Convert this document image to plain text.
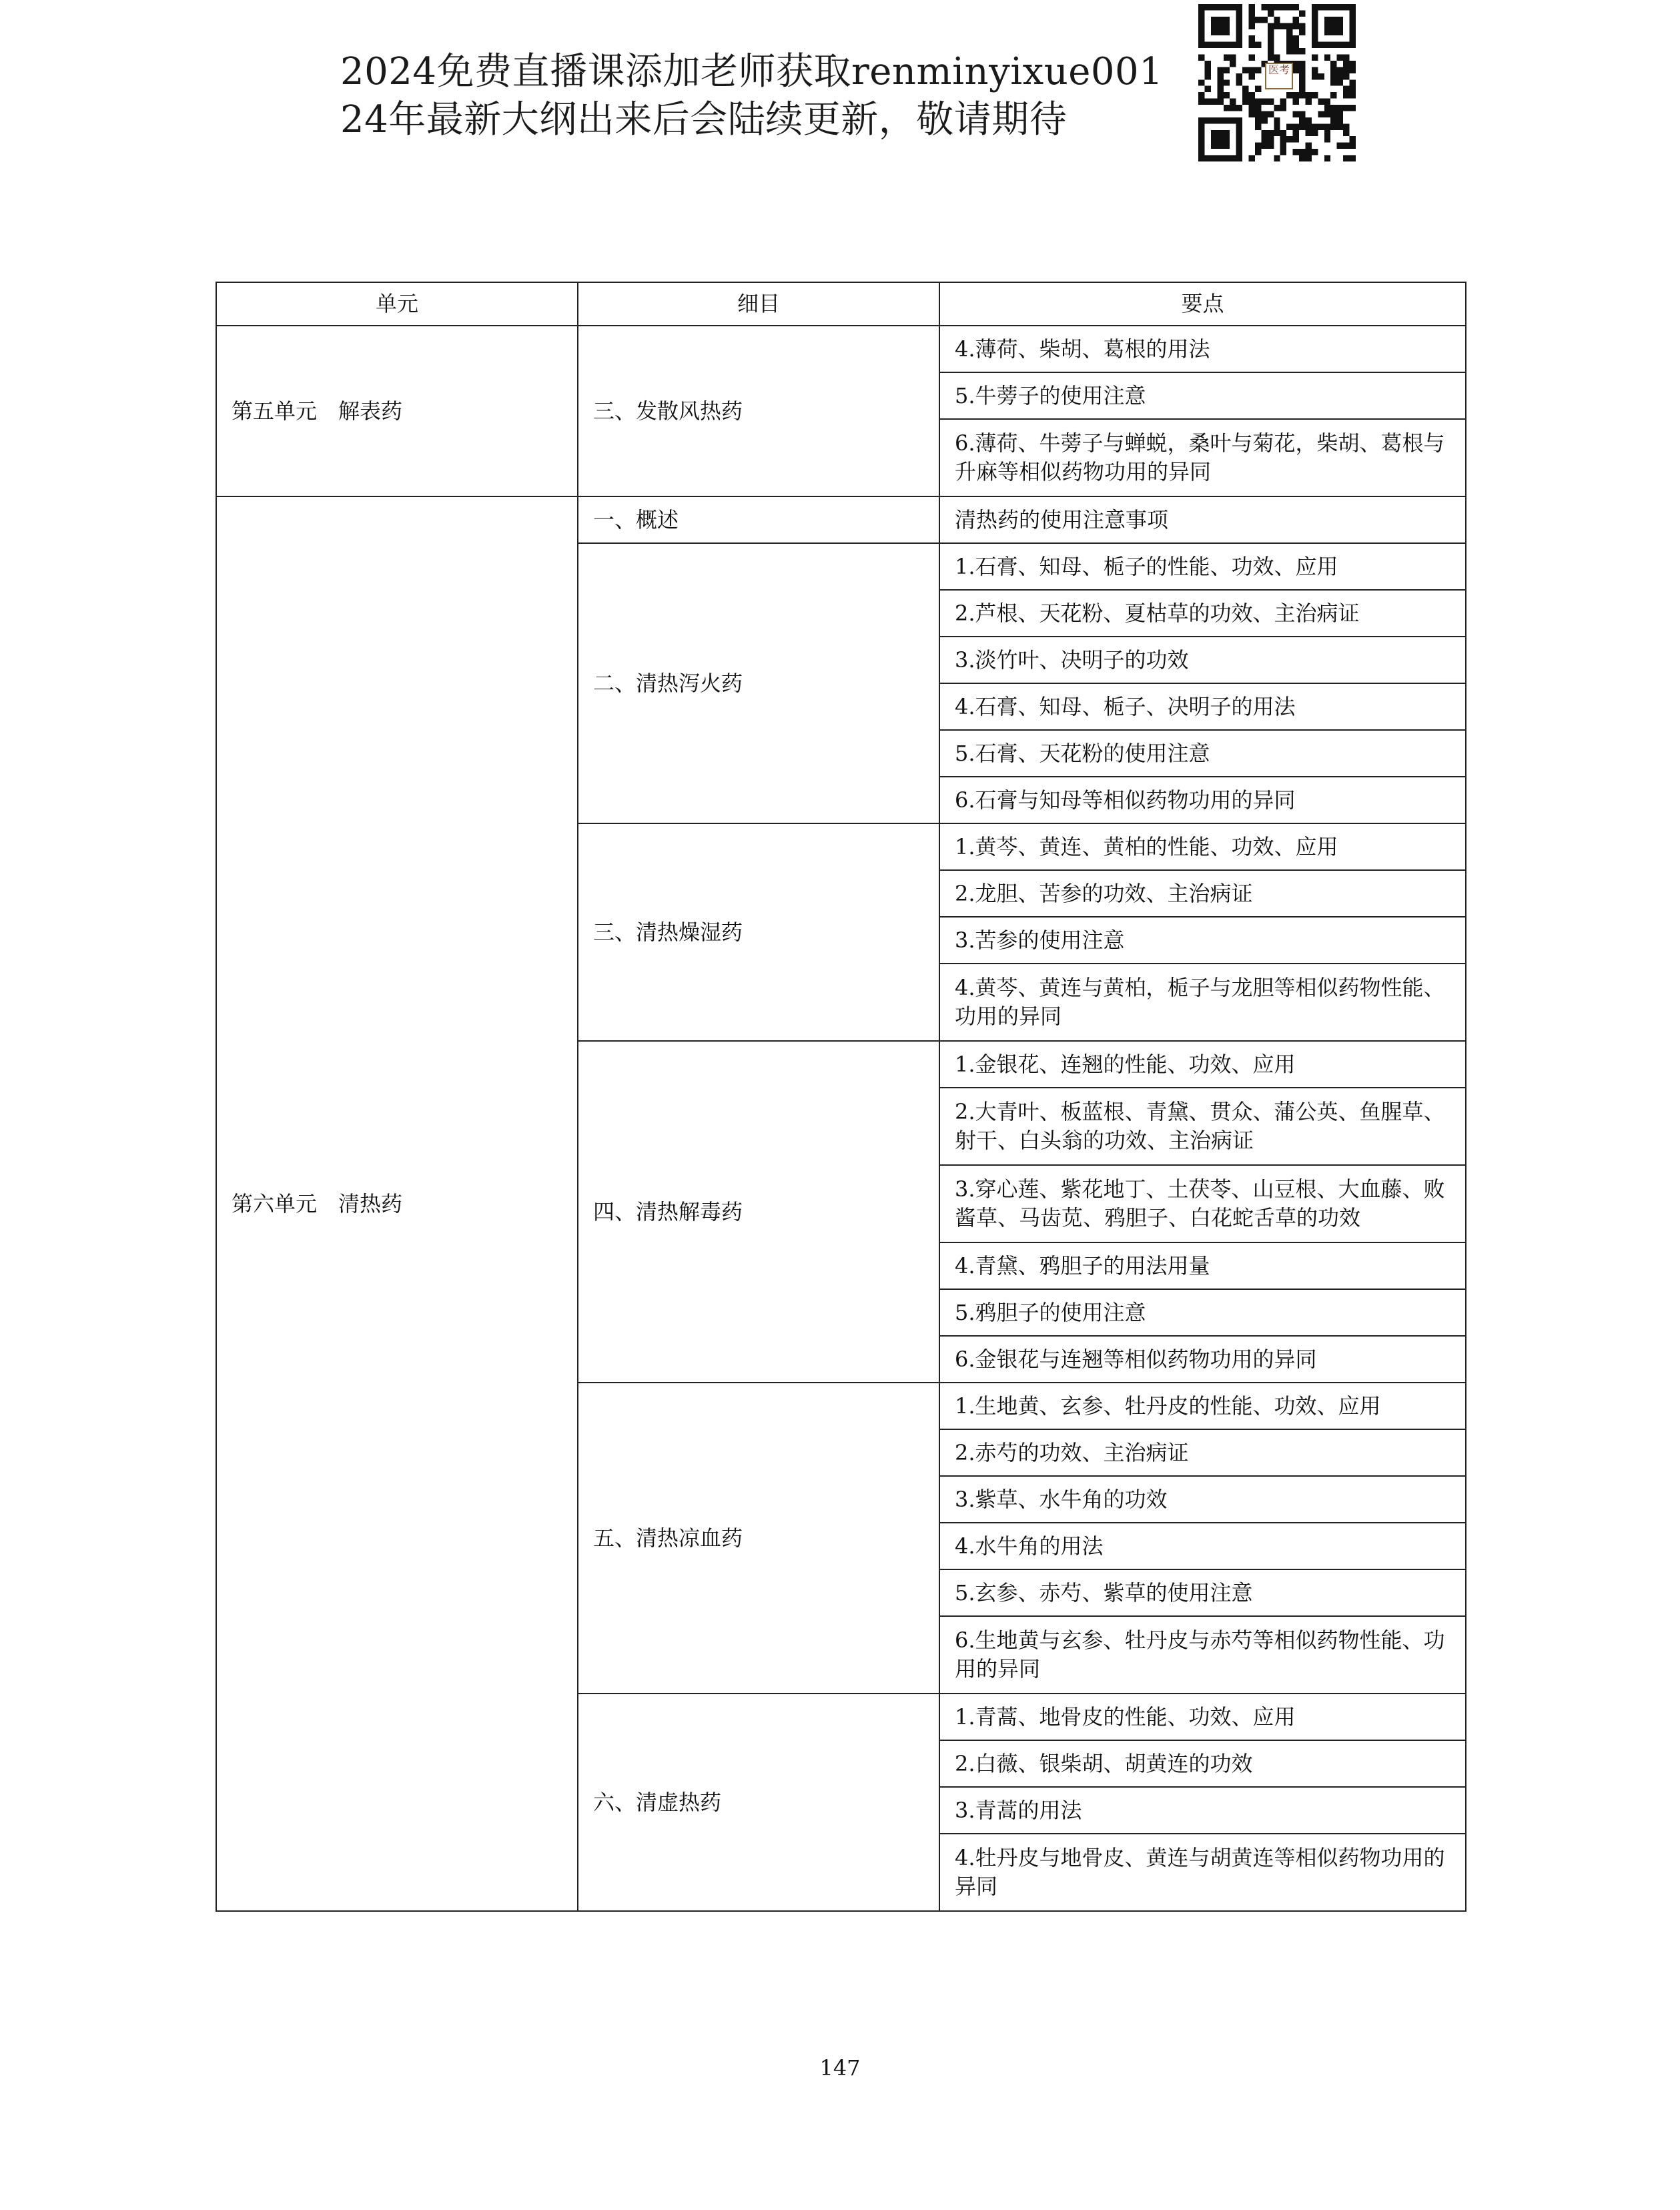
2024免费直播课添加老师获取renminyixue001
24年最新大纲出来后会陆续更新，敬请期待
医考
单元	细目	要点
第五单元　解表药	三、发散风热药	4.薄荷、柴胡、葛根的用法
		5.牛蒡子的使用注意
		6.薄荷、牛蒡子与蝉蜕，桑叶与菊花，柴胡、葛根与升麻等相似药物功用的异同
第六单元　清热药	一、概述	清热药的使用注意事项
	二、清热泻火药	1.石膏、知母、栀子的性能、功效、应用
		2.芦根、天花粉、夏枯草的功效、主治病证
		3.淡竹叶、决明子的功效
		4.石膏、知母、栀子、决明子的用法
		5.石膏、天花粉的使用注意
		6.石膏与知母等相似药物功用的异同
	三、清热燥湿药	1.黄芩、黄连、黄柏的性能、功效、应用
		2.龙胆、苦参的功效、主治病证
		3.苦参的使用注意
		4.黄芩、黄连与黄柏，栀子与龙胆等相似药物性能、功用的异同
	四、清热解毒药	1.金银花、连翘的性能、功效、应用
		2.大青叶、板蓝根、青黛、贯众、蒲公英、鱼腥草、射干、白头翁的功效、主治病证
		3.穿心莲、紫花地丁、土茯苓、山豆根、大血藤、败酱草、马齿苋、鸦胆子、白花蛇舌草的功效
		4.青黛、鸦胆子的用法用量
		5.鸦胆子的使用注意
		6.金银花与连翘等相似药物功用的异同
	五、清热凉血药	1.生地黄、玄参、牡丹皮的性能、功效、应用
		2.赤芍的功效、主治病证
		3.紫草、水牛角的功效
		4.水牛角的用法
		5.玄参、赤芍、紫草的使用注意
		6.生地黄与玄参、牡丹皮与赤芍等相似药物性能、功用的异同
	六、清虚热药	1.青蒿、地骨皮的性能、功效、应用
		2.白薇、银柴胡、胡黄连的功效
		3.青蒿的用法
		4.牡丹皮与地骨皮、黄连与胡黄连等相似药物功用的异同
147
